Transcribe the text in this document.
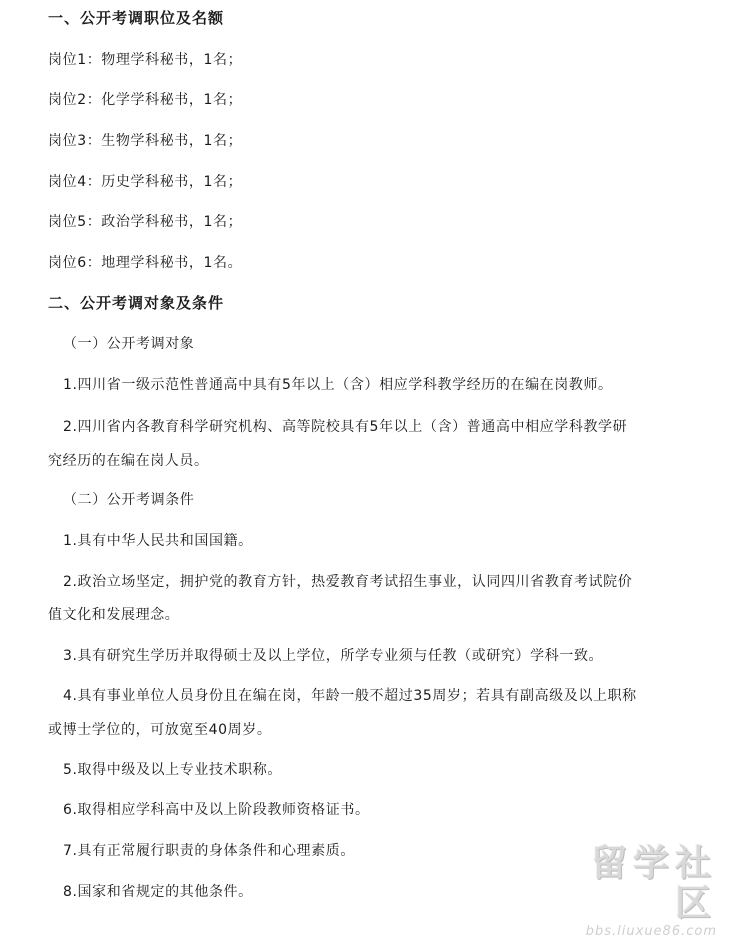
一、公开考调职位及名额

岗位1：物理学科秘书，1名；

岗位2：化学学科秘书，1名；

岗位3：生物学科秘书，1名；

岗位4：历史学科秘书，1名；

岗位5：政治学科秘书，1名；

岗位6：地理学科秘书，1名。

二、公开考调对象及条件

（一）公开考调对象

1.四川省一级示范性普通高中具有5年以上（含）相应学科教学经历的在编在岗教师。

2.四川省内各教育科学研究机构、高等院校具有5年以上（含）普通高中相应学科教学研

究经历的在编在岗人员。

（二）公开考调条件

1.具有中华人民共和国国籍。

2.政治立场坚定，拥护党的教育方针，热爱教育考试招生事业，认同四川省教育考试院价

值文化和发展理念。

3.具有研究生学历并取得硕士及以上学位，所学专业须与任教（或研究）学科一致。

4.具有事业单位人员身份且在编在岗，年龄一般不超过35周岁；若具有副高级及以上职称

或博士学位的，可放宽至40周岁。

5.取得中级及以上专业技术职称。

6.取得相应学科高中及以上阶段教师资格证书。

7.具有正常履行职责的身体条件和心理素质。

8.国家和省规定的其他条件。

留学社区
bbs.liuxue86.com
